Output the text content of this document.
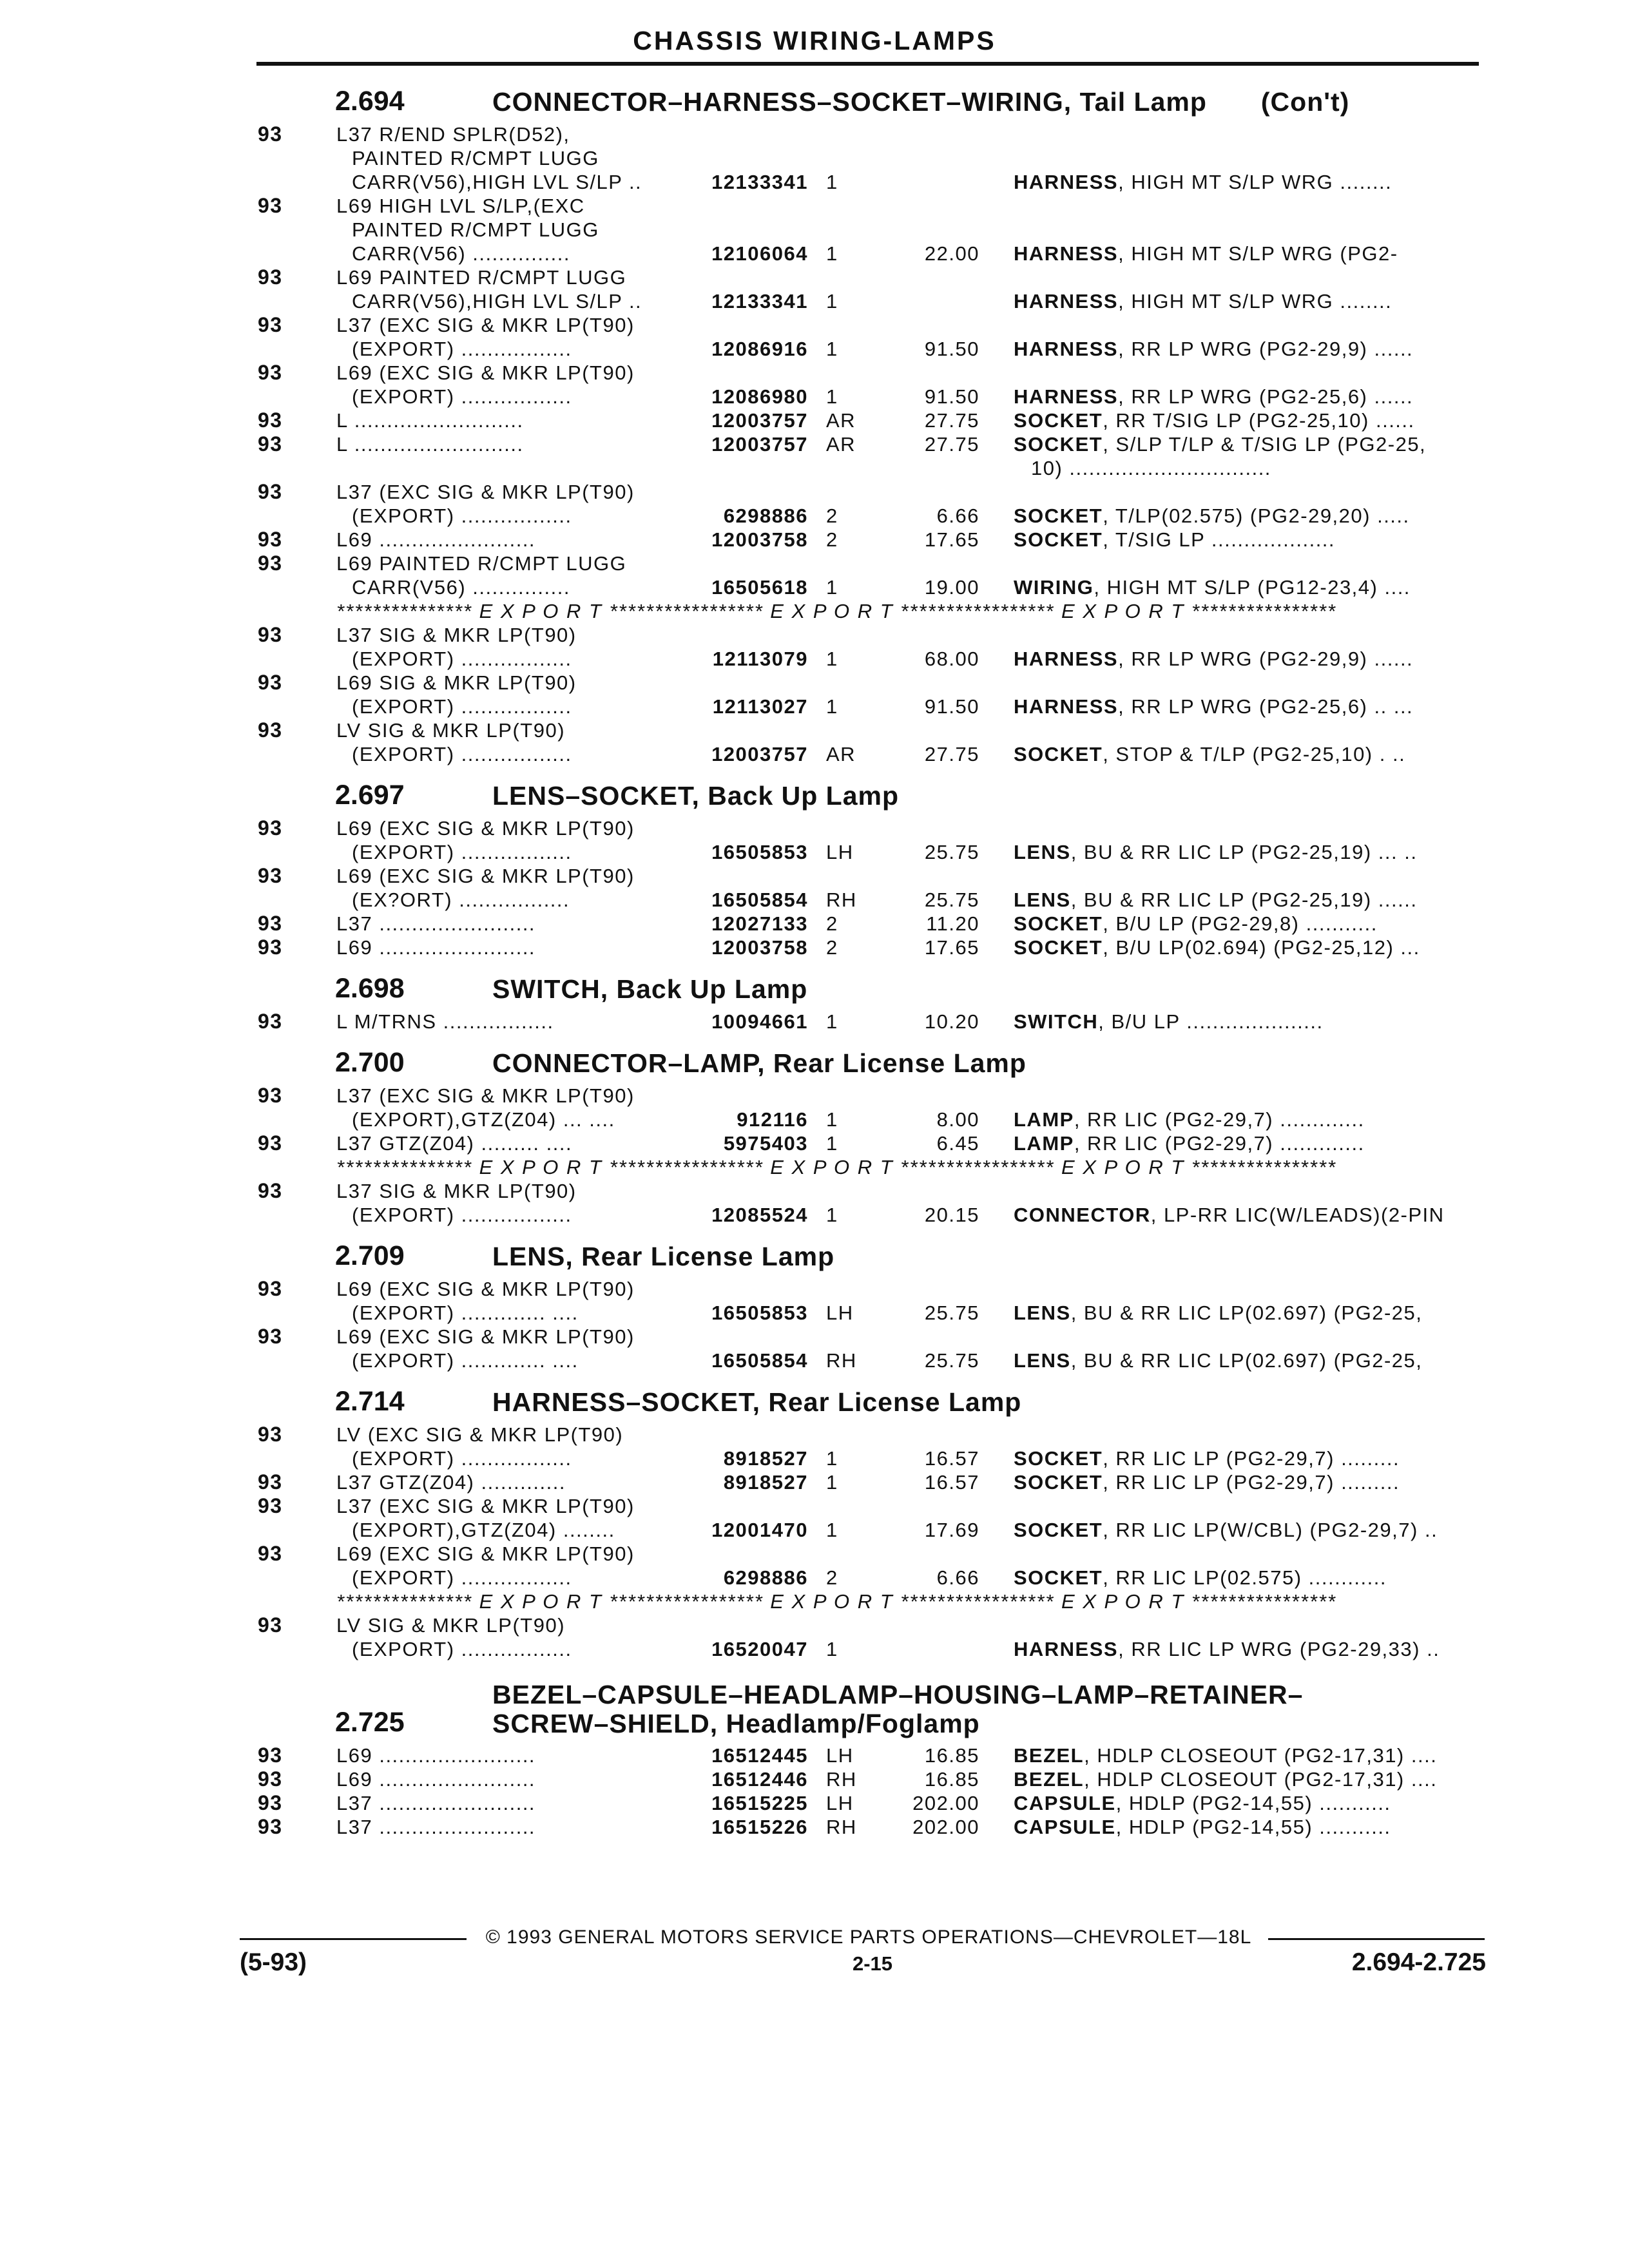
CHASSIS WIRING-LAMPS
2.694	CONNECTOR–HARNESS–SOCKET–WIRING, Tail Lamp (Con't)
93	L37 R/END SPLR(D52),
PAINTED R/CMPT LUGG
CARR(V56),HIGH LVL S/LP ..	12133341 1	HARNESS, HIGH MT S/LP WRG ........
93	L69 HIGH LVL S/LP,(EXC
PAINTED R/CMPT LUGG
CARR(V56) ...............	12106064 1	22.00 HARNESS, HIGH MT S/LP WRG (PG2-
93	L69 PAINTED R/CMPT LUGG
CARR(V56),HIGH LVL S/LP ..	12133341 1	HARNESS, HIGH MT S/LP WRG ........
93	L37 (EXC SIG & MKR LP(T90)
(EXPORT) .................	12086916 1	91.50 HARNESS, RR LP WRG (PG2-29,9) ......
93	L69 (EXC SIG & MKR LP(T90)
(EXPORT) .................	12086980 1	91.50 HARNESS, RR LP WRG (PG2-25,6) ......
93	L ..........................	12003757 AR	27.75 SOCKET, RR T/SIG LP (PG2-25,10) ......
93	L ..........................	12003757 AR	27.75 SOCKET, S/LP T/LP & T/SIG LP (PG2-25,
10) ...............................
93	L37 (EXC SIG & MKR LP(T90)
(EXPORT) .................	6298886 2	6.66 SOCKET, T/LP(02.575) (PG2-29,20) .....
93	L69 ........................	12003758 2	17.65 SOCKET, T/SIG LP ...................
93	L69 PAINTED R/CMPT LUGG
CARR(V56) ...............	16505618 1	19.00 WIRING, HIGH MT S/LP (PG12-23,4) ....
*************** E X P O R T ***************** E X P O R T ***************** E X P O R T ****************
93	L37 SIG & MKR LP(T90)
(EXPORT) .................	12113079 1	68.00 HARNESS, RR LP WRG (PG2-29,9) ......
93	L69 SIG & MKR LP(T90)
(EXPORT) .................	12113027 1	91.50 HARNESS, RR LP WRG (PG2-25,6) .. ...
93	LV SIG & MKR LP(T90)
(EXPORT) .................	12003757 AR	27.75 SOCKET, STOP & T/LP (PG2-25,10) . ..
2.697	LENS–SOCKET, Back Up Lamp
93	L69 (EXC SIG & MKR LP(T90)
(EXPORT) .................	16505853 LH	25.75 LENS, BU & RR LIC LP (PG2-25,19) ... ..
93	L69 (EXC SIG & MKR LP(T90)
(EX?ORT) .................	16505854 RH	25.75 LENS, BU & RR LIC LP (PG2-25,19) ......
93	L37 ........................	12027133 2	11.20 SOCKET, B/U LP (PG2-29,8) ...........
93	L69 ........................	12003758 2	17.65 SOCKET, B/U LP(02.694) (PG2-25,12) ...
2.698	SWITCH, Back Up Lamp
93	L M/TRNS .................	10094661 1	10.20 SWITCH, B/U LP .....................
2.700	CONNECTOR–LAMP, Rear License Lamp
93	L37 (EXC SIG & MKR LP(T90)
(EXPORT),GTZ(Z04) ... ....	912116 1	8.00 LAMP, RR LIC (PG2-29,7) .............
93	L37 GTZ(Z04) ......... ....	5975403 1	6.45 LAMP, RR LIC (PG2-29,7) .............
*************** E X P O R T ***************** E X P O R T ***************** E X P O R T ****************
93	L37 SIG & MKR LP(T90)
(EXPORT) .................	12085524 1	20.15 CONNECTOR, LP-RR LIC(W/LEADS)(2-PIN
2.709	LENS, Rear License Lamp
93	L69 (EXC SIG & MKR LP(T90)
(EXPORT) ............. ....	16505853 LH	25.75 LENS, BU & RR LIC LP(02.697) (PG2-25,
93	L69 (EXC SIG & MKR LP(T90)
(EXPORT) ............. ....	16505854 RH	25.75 LENS, BU & RR LIC LP(02.697) (PG2-25,
2.714	HARNESS–SOCKET, Rear License Lamp
93	LV (EXC SIG & MKR LP(T90)
(EXPORT) .................	8918527 1	16.57 SOCKET, RR LIC LP (PG2-29,7) .........
93	L37 GTZ(Z04) .............	8918527 1	16.57 SOCKET, RR LIC LP (PG2-29,7) .........
93	L37 (EXC SIG & MKR LP(T90)
(EXPORT),GTZ(Z04) ........	12001470 1	17.69 SOCKET, RR LIC LP(W/CBL) (PG2-29,7) ..
93	L69 (EXC SIG & MKR LP(T90)
(EXPORT) .................	6298886 2	6.66 SOCKET, RR LIC LP(02.575) ............
*************** E X P O R T ***************** E X P O R T ***************** E X P O R T ****************
93	LV SIG & MKR LP(T90)
(EXPORT) .................	16520047 1	HARNESS, RR LIC LP WRG (PG2-29,33) ..
2.725
BEZEL–CAPSULE–HEADLAMP–HOUSING–LAMP–RETAINER–
SCREW–SHIELD, Headlamp/Foglamp
93	L69 ........................	16512445 LH	16.85 BEZEL, HDLP CLOSEOUT (PG2-17,31) ....
93	L69 ........................	16512446 RH	16.85 BEZEL, HDLP CLOSEOUT (PG2-17,31) ....
93	L37 ........................	16515225 LH	202.00 CAPSULE, HDLP (PG2-14,55) ...........
93	L37 ........................	16515226 RH	202.00 CAPSULE, HDLP (PG2-14,55) ...........
© 1993 GENERAL MOTORS SERVICE PARTS OPERATIONS—CHEVROLET—18L
(5-93)	2-15	2.694-2.725
